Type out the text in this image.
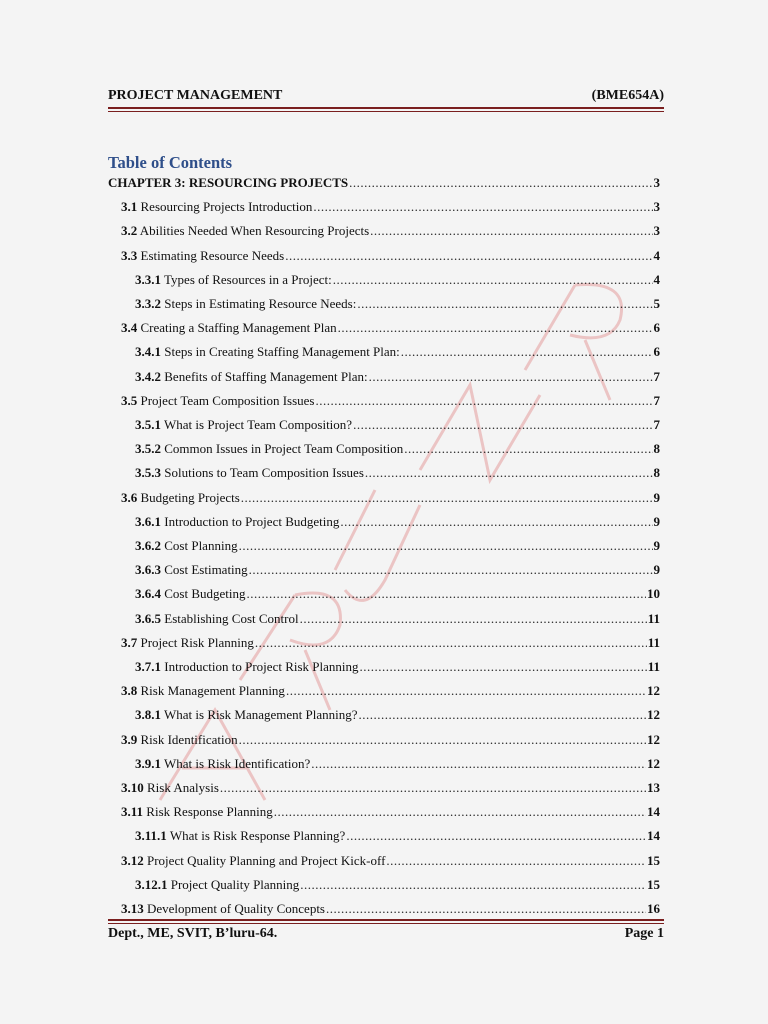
PROJECT MANAGEMENT	(BME654A)
Table of Contents
CHAPTER 3: RESOURCING PROJECTS .....	3
3.1 Resourcing Projects Introduction .....	3
3.2 Abilities Needed When Resourcing Projects .....	3
3.3 Estimating Resource Needs .....	4
3.3.1 Types of Resources in a Project: .....	4
3.3.2 Steps in Estimating Resource Needs: .....	5
3.4 Creating a Staffing Management Plan .....	6
3.4.1 Steps in Creating Staffing Management Plan: .....	6
3.4.2 Benefits of Staffing Management Plan: .....	7
3.5 Project Team Composition Issues .....	7
3.5.1 What is Project Team Composition? .....	7
3.5.2 Common Issues in Project Team Composition .....	8
3.5.3 Solutions to Team Composition Issues .....	8
3.6 Budgeting Projects .....	9
3.6.1 Introduction to Project Budgeting .....	9
3.6.2 Cost Planning .....	9
3.6.3 Cost Estimating .....	9
3.6.4 Cost Budgeting .....	10
3.6.5 Establishing Cost Control .....	11
3.7 Project Risk Planning .....	11
3.7.1 Introduction to Project Risk Planning .....	11
3.8 Risk Management Planning .....	12
3.8.1 What is Risk Management Planning? .....	12
3.9 Risk Identification .....	12
3.9.1 What is Risk Identification? .....	12
3.10 Risk Analysis .....	13
3.11 Risk Response Planning .....	14
3.11.1 What is Risk Response Planning? .....	14
3.12 Project Quality Planning and Project Kick-off .....	15
3.12.1 Project Quality Planning .....	15
3.13 Development of Quality Concepts .....	16
Dept., ME, SVIT, B’luru-64.	Page 1
